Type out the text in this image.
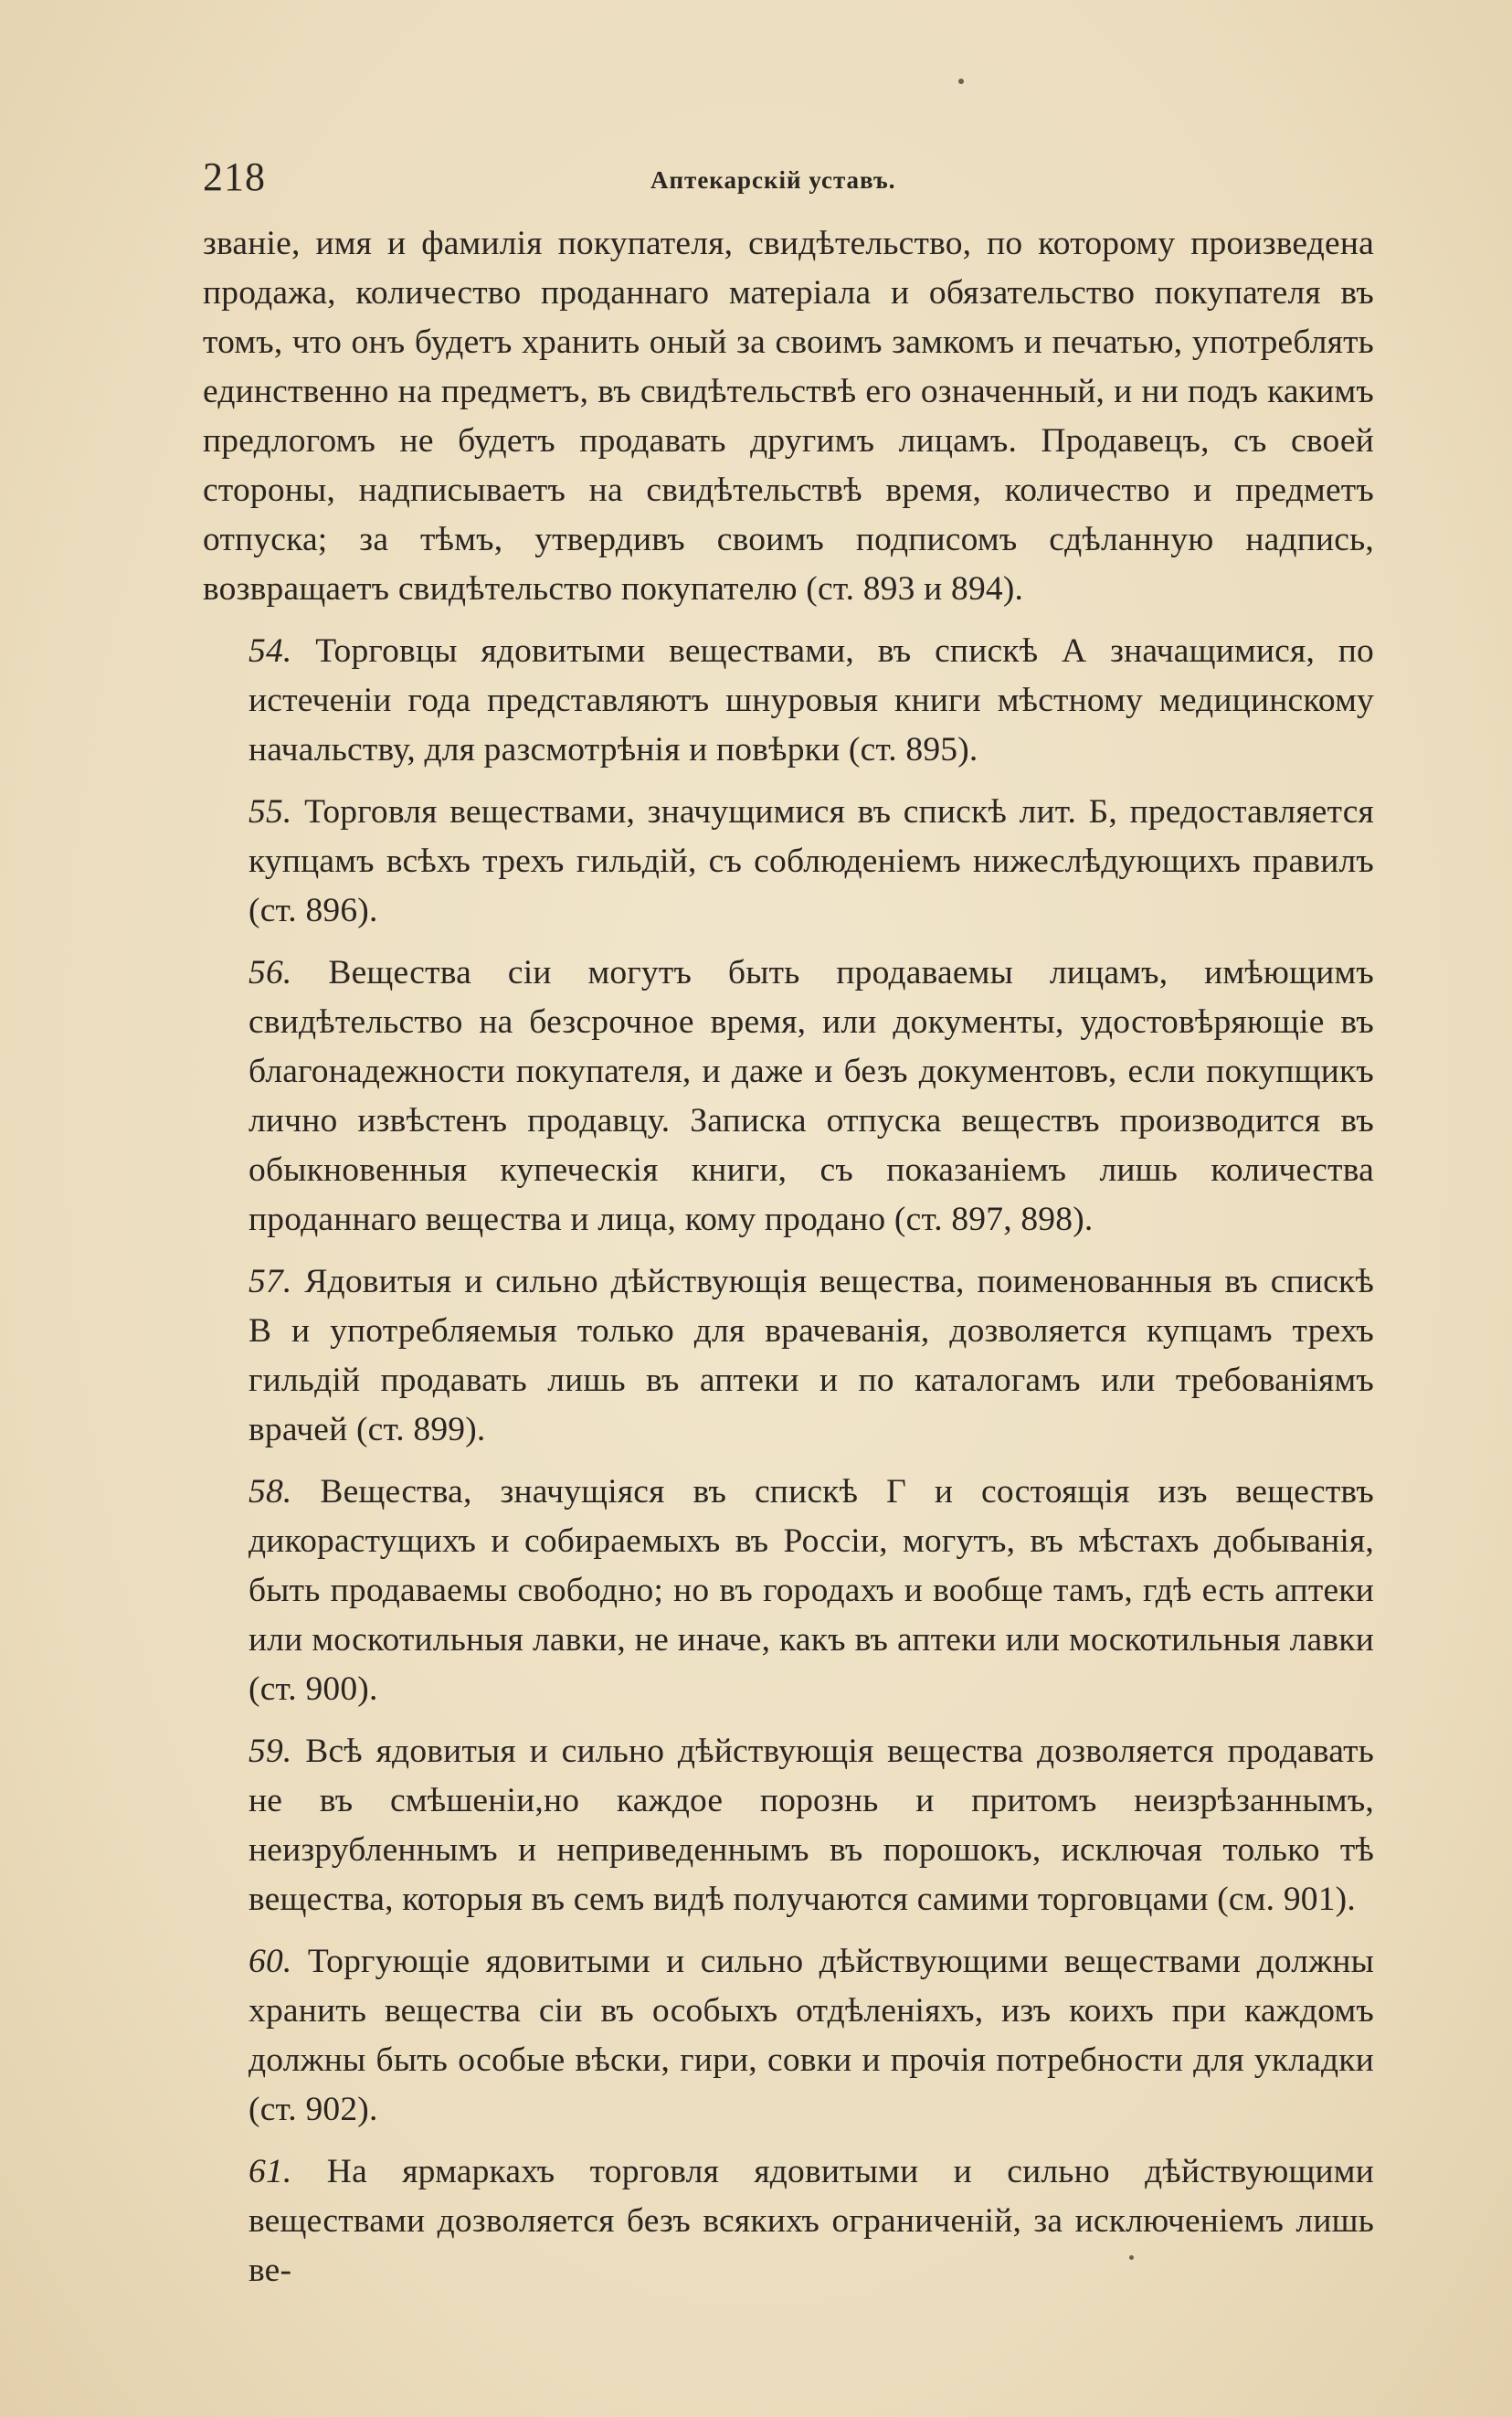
218	Аптекарскій уставъ.

званіе, имя и фамилія покупателя, свидѣтельство, по которому произведена продажа, количество проданнаго матеріала и обязательство покупателя въ томъ, что онъ будетъ хранить оный за своимъ замкомъ и печатью, употреблять единственно на предметъ, въ свидѣтельствѣ его означенный, и ни подъ какимъ предлогомъ не будетъ продавать другимъ лицамъ. Продавецъ, съ своей стороны, надписываетъ на свидѣтельствѣ время, количество и предметъ отпуска; за тѣмъ, утвердивъ своимъ подписомъ сдѣланную надпись, возвращаетъ свидѣтельство покупателю (ст. 893 и 894).

54. Торговцы ядовитыми веществами, въ спискѣ А значащимися, по истеченіи года представляютъ шнуровыя книги мѣстному медицинскому начальству, для разсмотрѣнія и повѣрки (ст. 895).

55. Торговля веществами, значущимися въ спискѣ лит. Б, предоставляется купцамъ всѣхъ трехъ гильдій, съ соблюденіемъ нижеслѣдующихъ правилъ (ст. 896).

56. Вещества сіи могутъ быть продаваемы лицамъ, имѣющимъ свидѣтельство на безсрочное время, или документы, удостовѣряющіе въ благонадежности покупателя, и даже и безъ документовъ, если покупщикъ лично извѣстенъ продавцу. Записка отпуска веществъ производится въ обыкновенныя купеческія книги, съ показаніемъ лишь количества проданнаго вещества и лица, кому продано (ст. 897, 898).

57. Ядовитыя и сильно дѣйствующія вещества, поименованныя въ спискѣ В и употребляемыя только для врачеванія, дозволяется купцамъ трехъ гильдій продавать лишь въ аптеки и по каталогамъ или требованіямъ врачей (ст. 899).

58. Вещества, значущіяся въ спискѣ Г и состоящія изъ веществъ дикорастущихъ и собираемыхъ въ Россіи, могутъ, въ мѣстахъ добыванія, быть продаваемы свободно; но въ городахъ и вообще тамъ, гдѣ есть аптеки или москотильныя лавки, не иначе, какъ въ аптеки или москотильныя лавки (ст. 900).

59. Всѣ ядовитыя и сильно дѣйствующія вещества дозволяется продавать не въ смѣшеніи,но каждое порознь и притомъ неизрѣзаннымъ, неизрубленнымъ и неприведеннымъ въ порошокъ, исключая только тѣ вещества, которыя въ семъ видѣ получаются самими торговцами (см. 901).

60. Торгующіе ядовитыми и сильно дѣйствующими веществами должны хранить вещества сіи въ особыхъ отдѣленіяхъ, изъ коихъ при каждомъ должны быть особые вѣски, гири, совки и прочія потребности для укладки (ст. 902).

61. На ярмаркахъ торговля ядовитыми и сильно дѣйствующими веществами дозволяется безъ всякихъ ограниченій, за исключеніемъ лишь ве-
